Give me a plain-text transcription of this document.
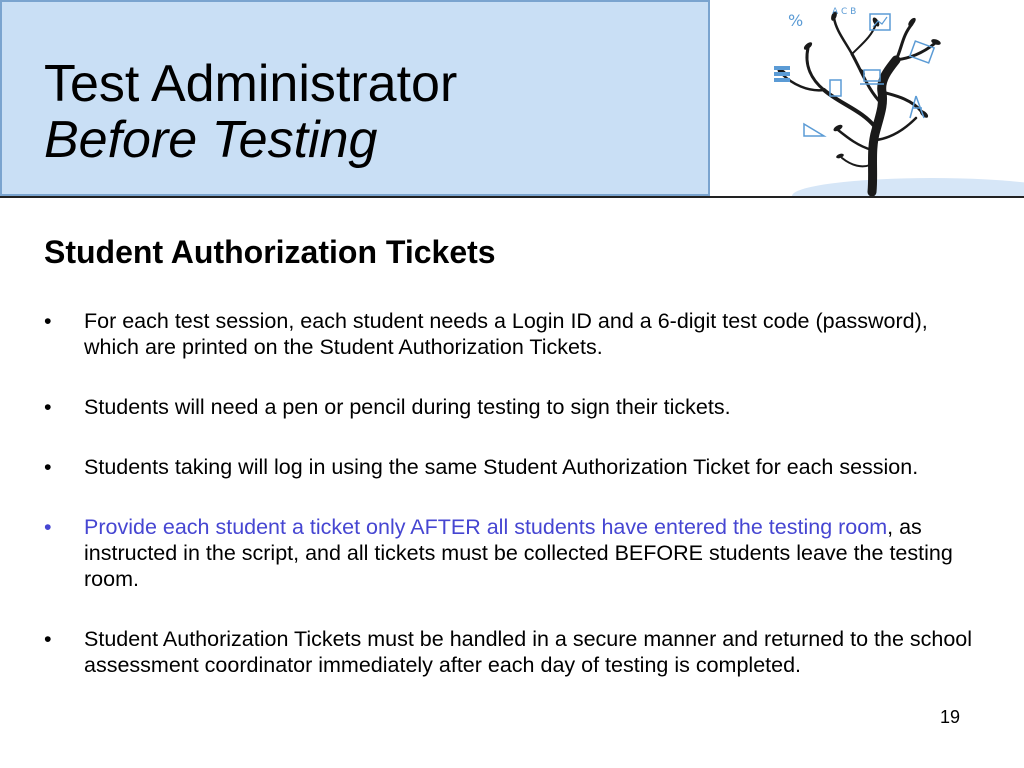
Test Administrator
Before Testing
%	A C B
Student Authorization Tickets
• For each test session, each student needs a Login ID and a 6-digit test code (password), which are printed on the Student Authorization Tickets.
• Students will need a pen or pencil during testing to sign their tickets.
• Students taking will log in using the same Student Authorization Ticket for each session.
• Provide each student a ticket only AFTER all students have entered the testing room, as instructed in the script, and all tickets must be collected BEFORE students leave the testing room.
• Student Authorization Tickets must be handled in a secure manner and returned to the school assessment coordinator immediately after each day of testing is completed.
19
